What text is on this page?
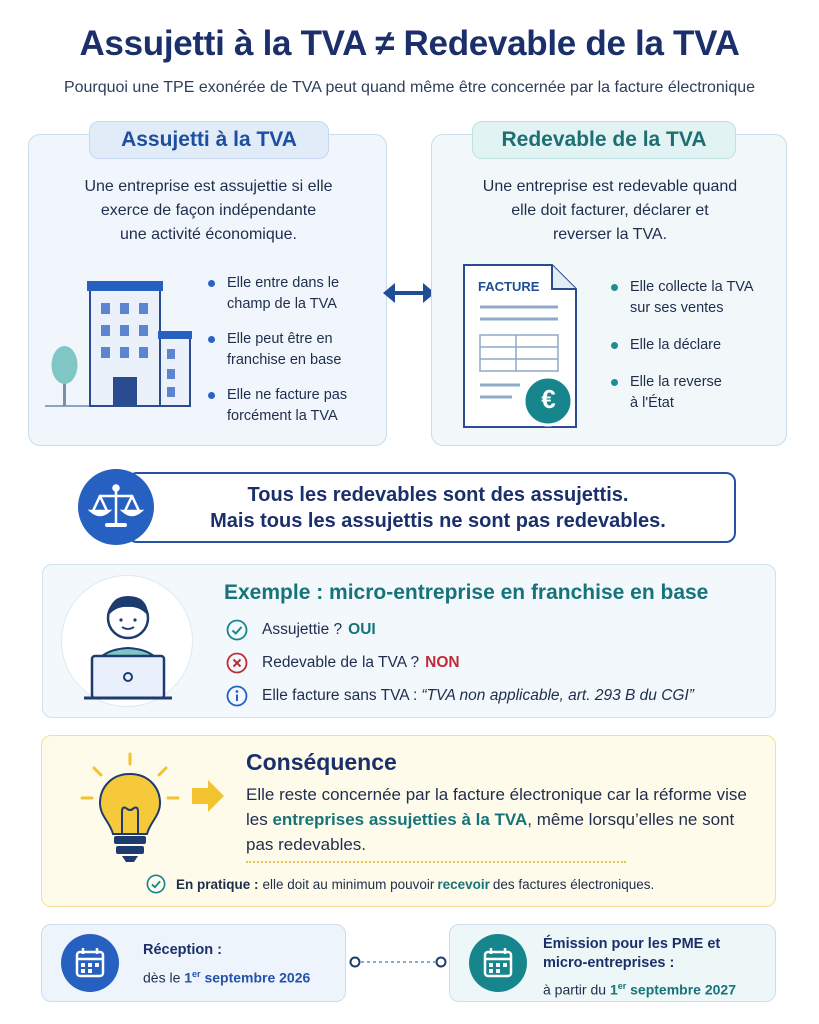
Assujetti à la TVA ≠ Redevable de la TVA
Pourquoi une TPE exonérée de TVA peut quand même être concernée par la facture électronique
Assujetti à la TVA
Une entreprise est assujettie si elle
exerce de façon indépendante
une activité économique.
Elle entre dans le
champ de la TVA
Elle peut être en
franchise en base
Elle ne facture pas
forcément la TVA
Redevable de la TVA
Une entreprise est redevable quand
elle doit facturer, déclarer et
reverser la TVA.
FACTURE
€
Elle collecte la TVA
sur ses ventes
Elle la déclare
Elle la reverse
à l'État
Tous les redevables sont des assujettis.
Mais tous les assujettis ne sont pas redevables.
Exemple : micro-entreprise en franchise en base
Assujettie ? OUI
Redevable de la TVA ? NON
Elle facture sans TVA : “TVA non applicable, art. 293 B du CGI”
Conséquence
Elle reste concernée par la facture électronique car la réforme vise les entreprises assujetties à la TVA, même lorsqu’elles ne sont pas redevables.
En pratique : elle doit au minimum pouvoir recevoir des factures électroniques.
Réception :
dès le 1er septembre 2026
Émission pour les PME et micro-entreprises :
à partir du 1er septembre 2027
